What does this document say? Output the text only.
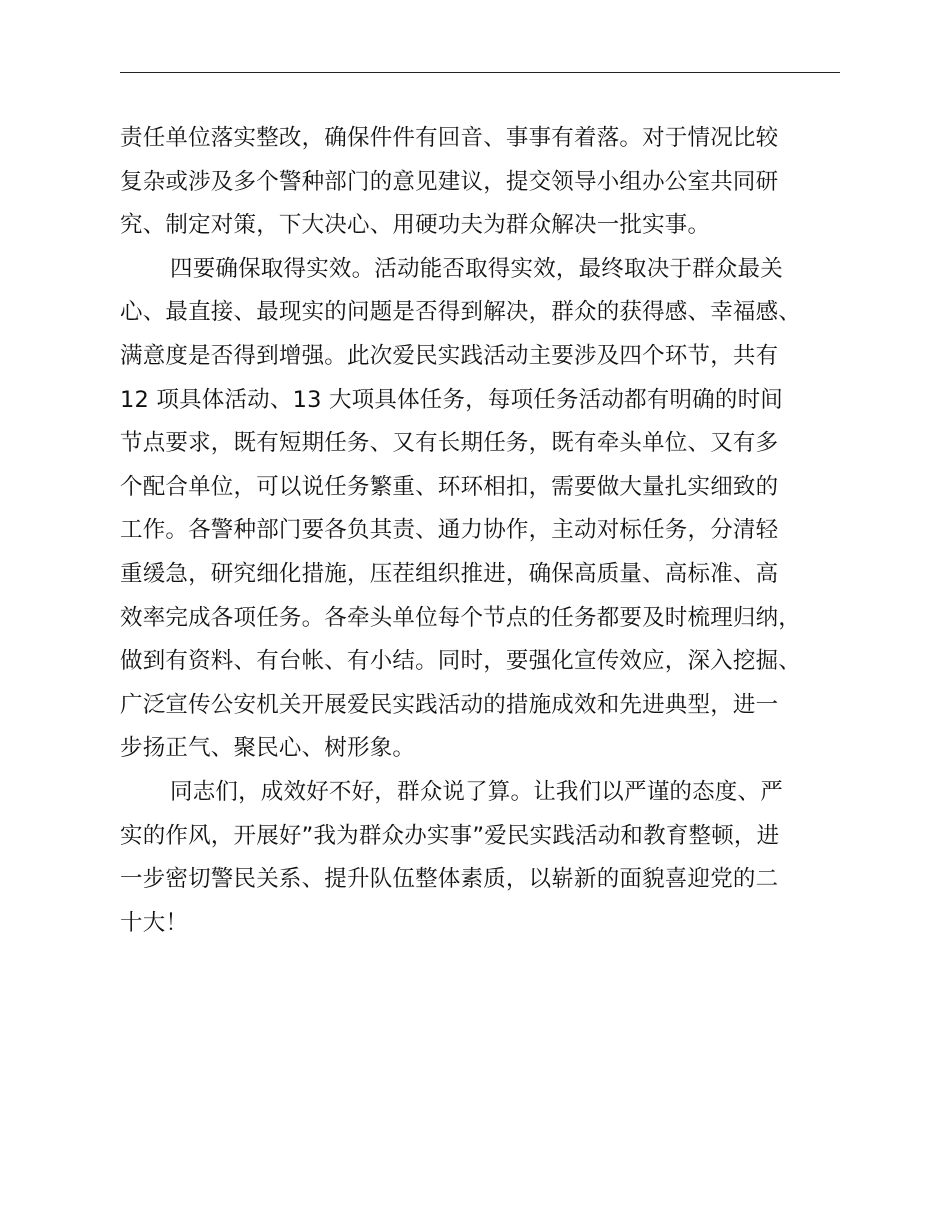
责任单位落实整改，确保件件有回音、事事有着落。对于情况比较
复杂或涉及多个警种部门的意见建议，提交领导小组办公室共同研
究、制定对策，下大决心、用硬功夫为群众解决一批实事。
四要确保取得实效。活动能否取得实效，最终取决于群众最关
心、最直接、最现实的问题是否得到解决，群众的获得感、幸福感、
满意度是否得到增强。此次爱民实践活动主要涉及四个环节，共有
12 项具体活动、13 大项具体任务，每项任务活动都有明确的时间
节点要求，既有短期任务、又有长期任务，既有牵头单位、又有多
个配合单位，可以说任务繁重、环环相扣，需要做大量扎实细致的
工作。各警种部门要各负其责、通力协作，主动对标任务，分清轻
重缓急，研究细化措施，压茬组织推进，确保高质量、高标准、高
效率完成各项任务。各牵头单位每个节点的任务都要及时梳理归纳，
做到有资料、有台帐、有小结。同时，要强化宣传效应，深入挖掘、
广泛宣传公安机关开展爱民实践活动的措施成效和先进典型，进一
步扬正气、聚民心、树形象。
同志们，成效好不好，群众说了算。让我们以严谨的态度、严
实的作风，开展好”我为群众办实事”爱民实践活动和教育整顿，进
一步密切警民关系、提升队伍整体素质，以崭新的面貌喜迎党的二
十大！
